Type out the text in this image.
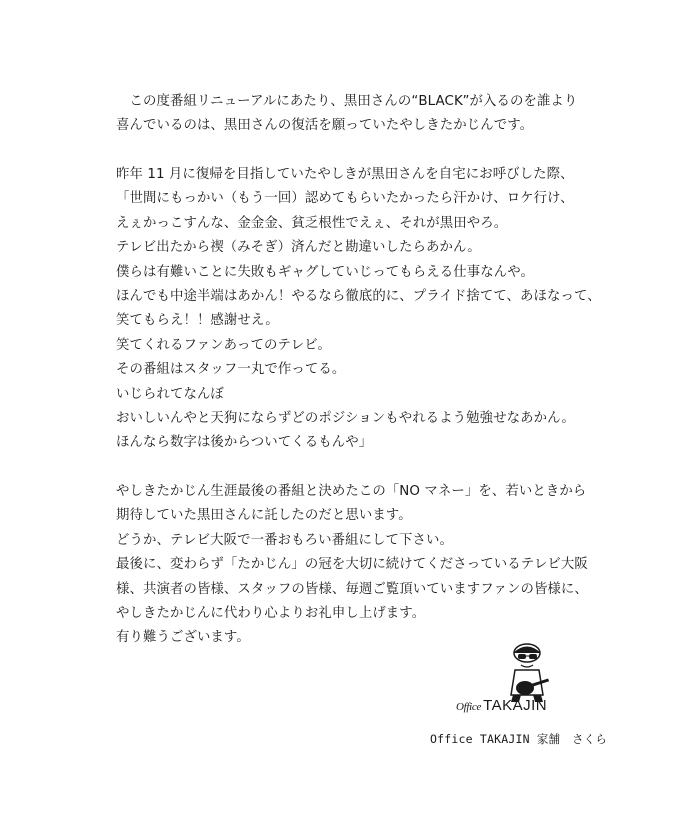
　この度番組リニューアルにあたり、黒田さんの“BLACK”が入るのを誰より
喜んでいるのは、黒田さんの復活を願っていたやしきたかじんです。
昨年 11 月に復帰を目指していたやしきが黒田さんを自宅にお呼びした際、
「世間にもっかい（もう一回）認めてもらいたかったら汗かけ、ロケ行け、
えぇかっこすんな、金金金、貧乏根性でえぇ、それが黒田やろ。
テレビ出たから禊（みそぎ）済んだと勘違いしたらあかん。
僕らは有難いことに失敗もギャグしていじってもらえる仕事なんや。
ほんでも中途半端はあかん！やるなら徹底的に、プライド捨てて、あほなって、
笑てもらえ！！感謝せえ。
笑てくれるファンあってのテレビ。
その番組はスタッフ一丸で作ってる。
いじられてなんぼ
おいしいんやと天狗にならずどのポジションもやれるよう勉強せなあかん。
ほんなら数字は後からついてくるもんや」
やしきたかじん生涯最後の番組と決めたこの「NO マネー」を、若いときから
期待していた黒田さんに託したのだと思います。
どうか、テレビ大阪で一番おもろい番組にして下さい。
最後に、変わらず「たかじん」の冠を大切に続けてくださっているテレビ大阪
様、共演者の皆様、スタッフの皆様、毎週ご覧頂いていますファンの皆様に、
やしきたかじんに代わり心よりお礼申し上げます。
有り難うございます。
Office TAKAJIN
Office TAKAJIN 家舗　さくら
